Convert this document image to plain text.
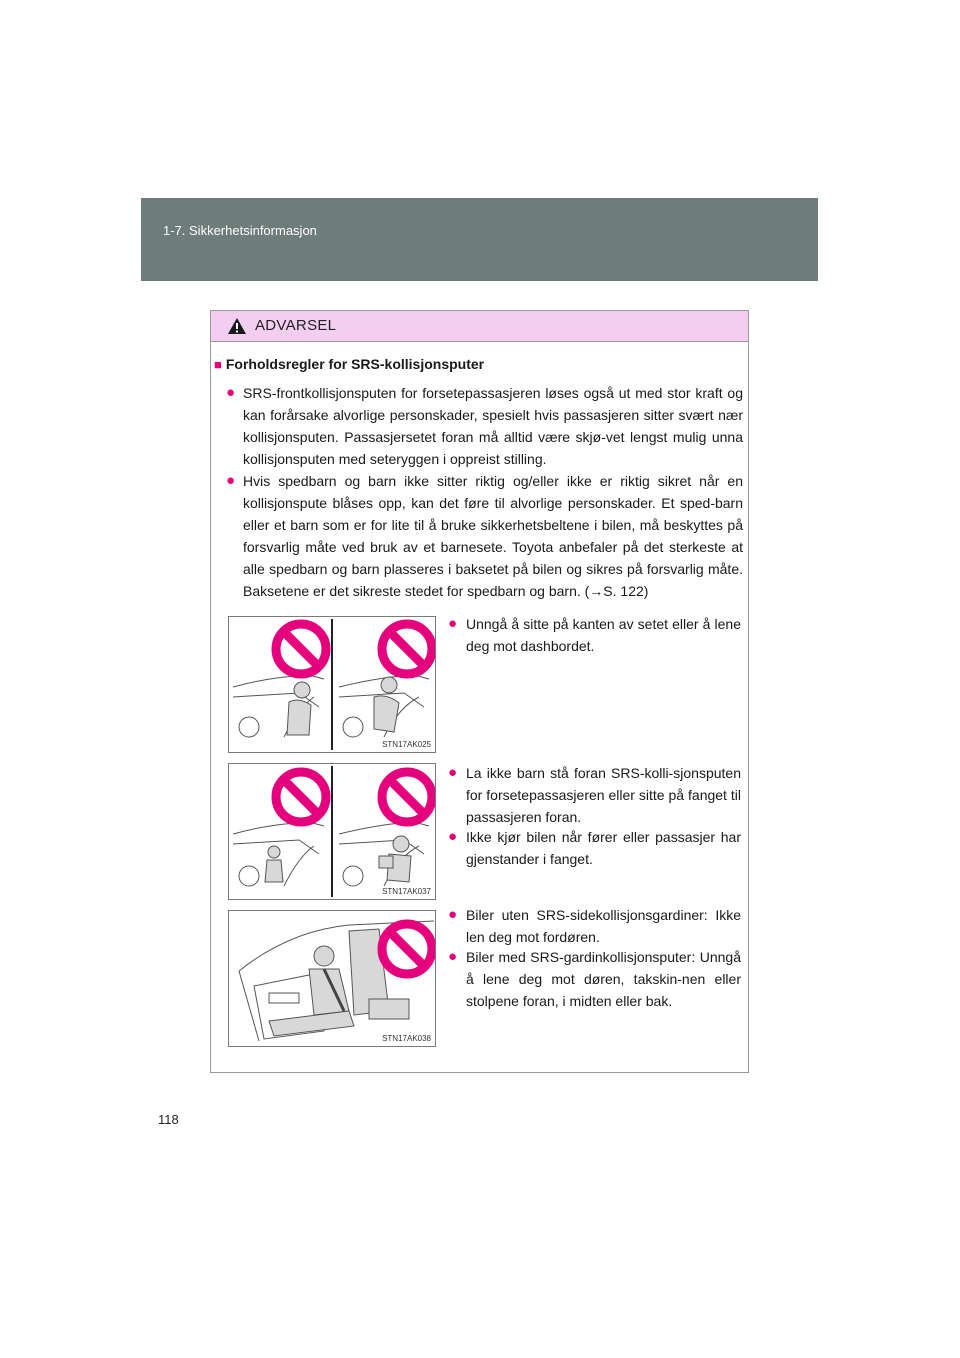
1-7. Sikkerhetsinformasjon
ADVARSEL
■ Forholdsregler for SRS-kollisjonsputer
● SRS-frontkollisjonsputen for forsetepassasjeren løses også ut med stor kraft og kan forårsake alvorlige personskader, spesielt hvis passasjeren sitter svært nær kollisjonsputen. Passasjersetet foran må alltid være skjø-vet lengst mulig unna kollisjonsputen med seteryggen i oppreist stilling.
● Hvis spedbarn og barn ikke sitter riktig og/eller ikke er riktig sikret når en kollisjonspute blåses opp, kan det føre til alvorlige personskader. Et sped-barn eller et barn som er for lite til å bruke sikkerhetsbeltene i bilen, må beskyttes på forsvarlig måte ved bruk av et barnesete. Toyota anbefaler på det sterkeste at alle spedbarn og barn plasseres i baksetet på bilen og sikres på forsvarlig måte. Baksetene er det sikreste stedet for spedbarn og barn. (→S. 122)
STN17AK025
● Unngå å sitte på kanten av setet eller å lene deg mot dashbordet.
STN17AK037
● La ikke barn stå foran SRS-kolli-sjonsputen for forsetepassasjeren eller sitte på fanget til passasjeren foran.
● Ikke kjør bilen når fører eller passasjer har gjenstander i fanget.
STN17AK038
● Biler uten SRS-sidekollisjonsgardiner: Ikke len deg mot fordøren.
● Biler med SRS-gardinkollisjonsputer: Unngå å lene deg mot døren, takskin-nen eller stolpene foran, i midten eller bak.
118
